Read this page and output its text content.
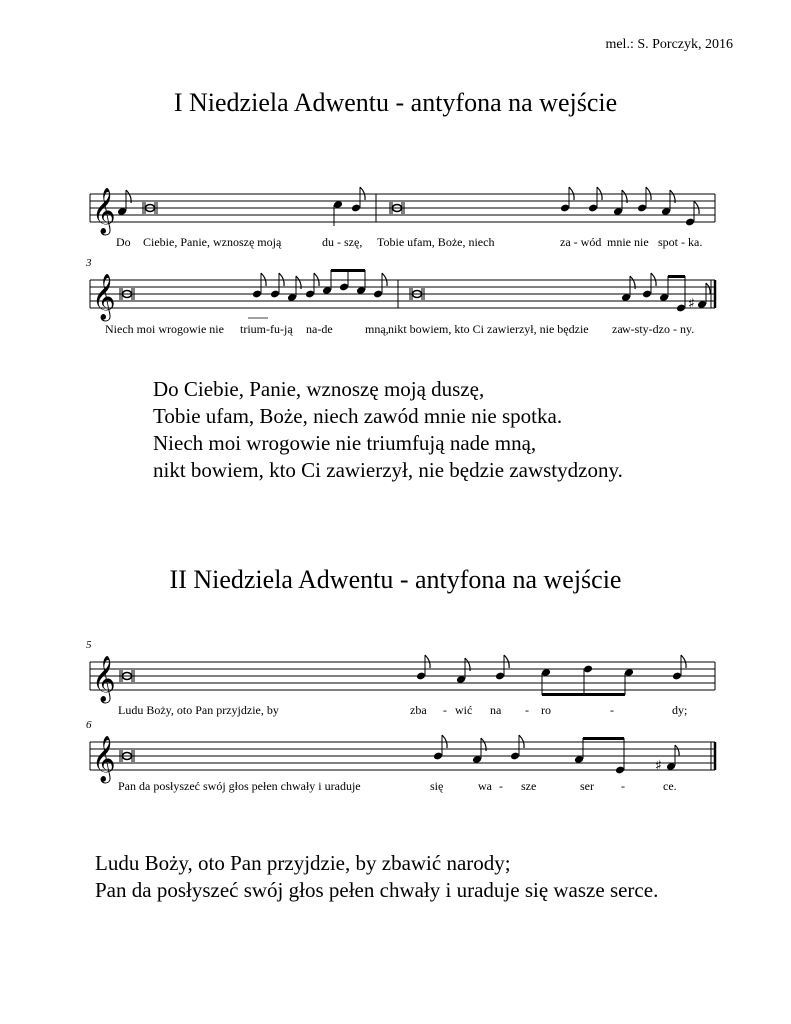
mel.: S. Porczyk, 2016
I Niedziela Adwentu - antyfona na wejście
𝄞
Do Ciebie, Panie, wznoszę moją	du - szę, Tobie ufam, Boże, niech	za - wód mnie nie spot - ka.
3
𝄞	♯
Niech moi wrogowie nie trium-fu-ją na-de	mną, nikt bowiem, kto Ci zawierzył, nie będzie za w-sty-dzo - ny.
Do Ciebie, Panie, wznoszę moją duszę,
Tobie ufam, Boże, niech zawód mnie nie spotka.
Niech moi wrogowie nie triumfują nade mną,
nikt bowiem, kto Ci zawierzył, nie będzie zawstydzony.
II Niedziela Adwentu - antyfona na wejście
5
𝄞
Ludu Boży, oto Pan przyjdzie, by	zba - wić na - ro	-	dy;
6
𝄞	♯
Pan da posłyszeć swój głos pełen chwały i uraduje	się	wa - sze	ser -	ce.
Ludu Boży, oto Pan przyjdzie, by zbawić narody;
Pan da posłyszeć swój głos pełen chwały i uraduje się wasze serce.
